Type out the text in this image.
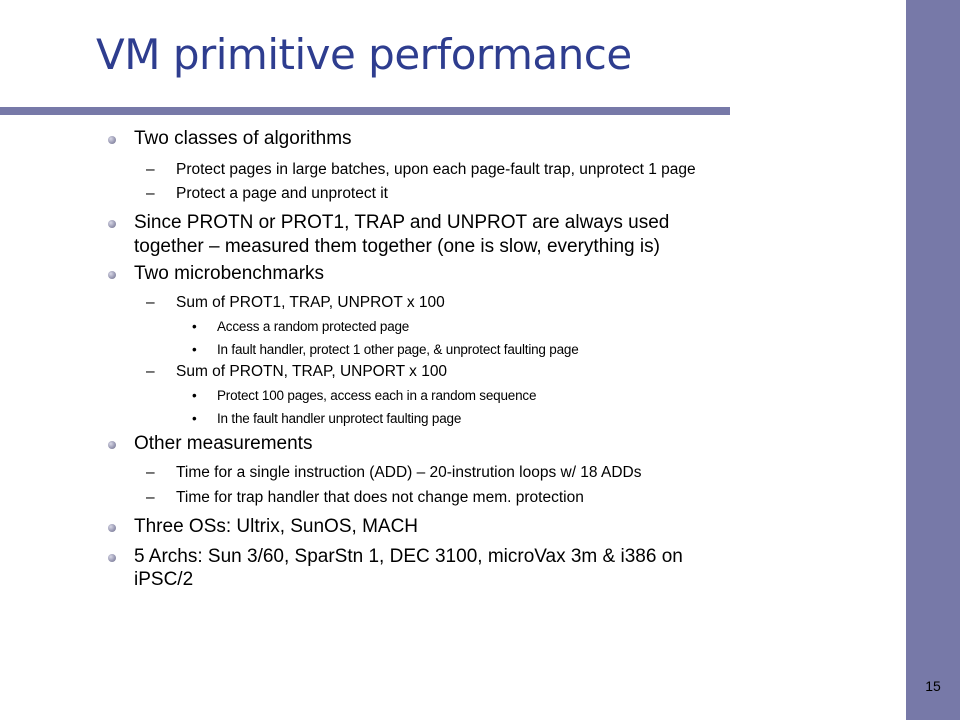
VM primitive performance
Two classes of algorithms
– Protect pages in large batches, upon each page-fault trap, unprotect 1 page
– Protect a page and unprotect it
Since PROTN or PROT1, TRAP and UNPROT are always used
together – measured them together (one is slow, everything is)
Two microbenchmarks
– Sum of PROT1, TRAP, UNPROT x 100
• Access a random protected page
• In fault handler, protect 1 other page, & unprotect faulting page
– Sum of PROTN, TRAP, UNPORT x 100
• Protect 100 pages, access each in a random sequence
• In the fault handler unprotect faulting page
Other measurements
– Time for a single instruction (ADD) – 20-instrution loops w/ 18 ADDs
– Time for trap handler that does not change mem. protection
Three OSs: Ultrix, SunOS, MACH
5 Archs: Sun 3/60, SparStn 1, DEC 3100, microVax 3m & i386 on
iPSC/2
15
